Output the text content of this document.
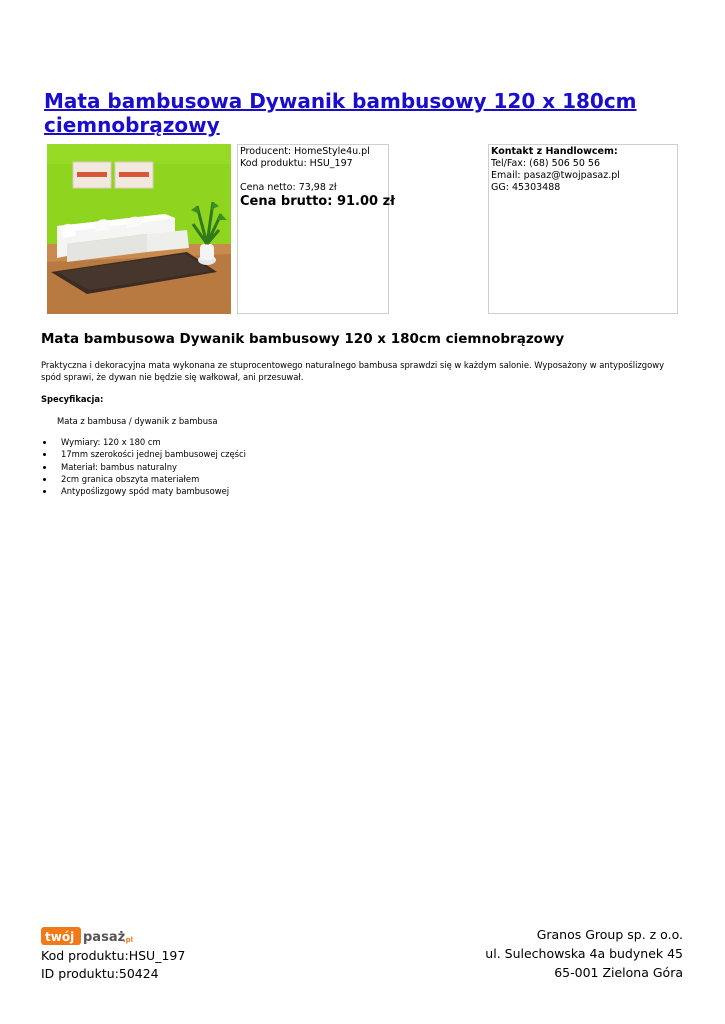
Mata bambusowa Dywanik bambusowy 120 x 180cm ciemnobrązowy
Producent: HomeStyle4u.pl
Kod produktu: HSU_197
Cena netto: 73,98 zł
Cena brutto: 91.00 zł
Kontakt z Handlowcem:
Tel/Fax: (68) 506 50 56
Email: pasaz@twojpasaz.pl
GG: 45303488
Mata bambusowa Dywanik bambusowy 120 x 180cm ciemnobrązowy

Praktyczna i dekoracyjna mata wykonana ze stuprocentowego naturalnego bambusa sprawdzi się w każdym salonie. Wyposażony w antypoślizgowy spód sprawi, że dywan nie będzie się wałkował, ani przesuwał.

Specyfikacja:

Mata z bambusa / dywanik z bambusa

Wymiary: 120 x 180 cm
17mm szerokości jednej bambusowej części
Materiał: bambus naturalny
2cm granica obszyta materiałem
Antypoślizgowy spód maty bambusowej
twój pasaż
.pl
Kod produktu:HSU_197
ID produktu:50424
Granos Group sp. z o.o.
ul. Sulechowska 4a budynek 45
65-001 Zielona Góra
